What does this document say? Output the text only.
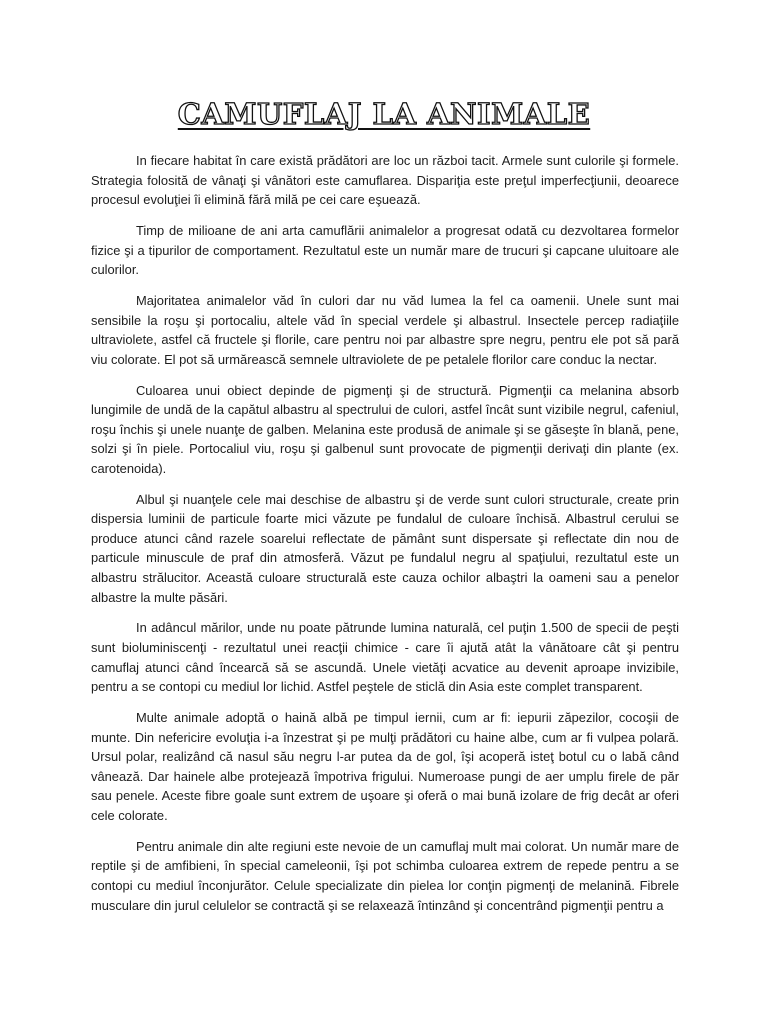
CAMUFLAJ LA ANIMALE

In fiecare habitat în care există prădători are loc un război tacit. Armele sunt culorile şi formele. Strategia folosită de vânaţi şi vânători este camuflarea. Dispariţia este preţul imperfecţiunii, deoarece procesul evoluţiei îi elimină fără milă pe cei care eşuează.

Timp de milioane de ani arta camuflării animalelor a progresat odată cu dezvoltarea formelor fizice şi a tipurilor de comportament. Rezultatul este un număr mare de trucuri şi capcane uluitoare ale culorilor.

Majoritatea animalelor văd în culori dar nu văd lumea la fel ca oamenii. Unele sunt mai sensibile la roşu şi portocaliu, altele văd în special verdele şi albastrul. Insectele percep radiaţiile ultraviolete, astfel că fructele şi florile, care pentru noi par albastre spre negru, pentru ele pot să pară viu colorate. El pot să urmărească semnele ultraviolete de pe petalele florilor care conduc la nectar.

Culoarea unui obiect depinde de pigmenţi şi de structură. Pigmenţii ca melanina absorb lungimile de undă de la capătul albastru al spectrului de culori, astfel încât sunt vizibile negrul, cafeniul, roşu închis şi unele nuanţe de galben. Melanina este produsă de animale şi se găseşte în blană, pene, solzi şi în piele. Portocaliul viu, roşu şi galbenul sunt provocate de pigmenţii derivaţi din plante (ex. carotenoida).

Albul şi nuanţele cele mai deschise de albastru şi de verde sunt culori structurale, create prin dispersia luminii de particule foarte mici văzute pe fundalul de culoare închisă. Albastrul cerului se produce atunci când razele soarelui reflectate de pământ sunt dispersate şi reflectate din nou de particule minuscule de praf din atmosferă. Văzut pe fundalul negru al spaţiului, rezultatul este un albastru strălucitor. Această culoare structurală este cauza ochilor albaştri la oameni sau a penelor albastre la multe păsări.

In adâncul mărilor, unde nu poate pătrunde lumina naturală, cel puţin 1.500 de specii de peşti sunt bioluminiscenţi - rezultatul unei reacţii chimice - care îi ajută atât la vânătoare cât şi pentru camuflaj atunci când încearcă să se ascundă. Unele vietăţi acvatice au devenit aproape invizibile, pentru a se contopi cu mediul lor lichid. Astfel peştele de sticlă din Asia este complet transparent.

Multe animale adoptă o haină albă pe timpul iernii, cum ar fi: iepurii zăpezilor, cocoşii de munte. Din nefericire evoluţia i-a înzestrat şi pe mulţi prădători cu haine albe, cum ar fi vulpea polară. Ursul polar, realizând că nasul său negru l-ar putea da de gol, îşi acoperă isteţ botul cu o labă când vânează. Dar hainele albe protejează împotriva frigului. Numeroase pungi de aer umplu firele de păr sau penele. Aceste fibre goale sunt extrem de uşoare şi oferă o mai bună izolare de frig decât ar oferi cele colorate.

Pentru animale din alte regiuni este nevoie de un camuflaj mult mai colorat. Un număr mare de reptile şi de amfibieni, în special cameleonii, îşi pot schimba culoarea extrem de repede pentru a se contopi cu mediul înconjurător. Celule specializate din pielea lor conţin pigmenţi de melanină. Fibrele musculare din jurul celulelor se contractă şi se relaxează întinzând şi concentrând pigmenţii pentru a
